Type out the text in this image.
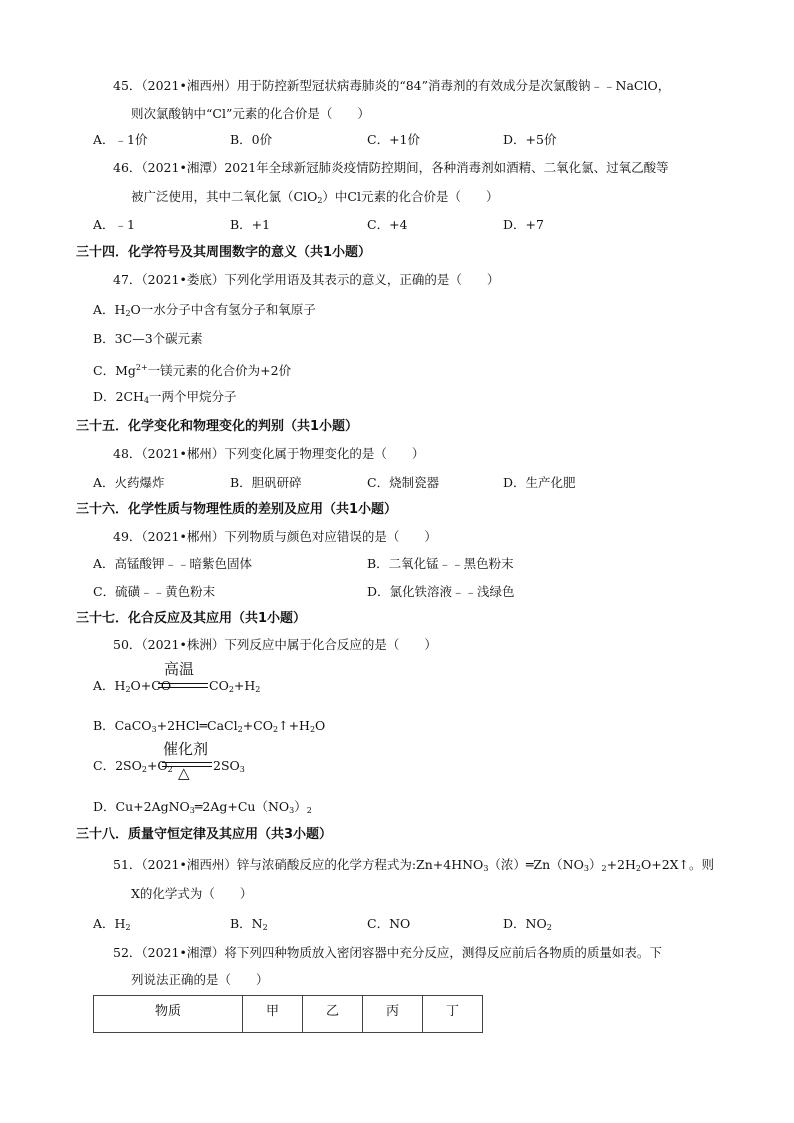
45．（2021•湘西州）用于防控新型冠状病毒肺炎的“84”消毒剂的有效成分是次氯酸钠﹣﹣NaClO，
则次氯酸钠中“Cl”元素的化合价是（　　）
A．﹣1价	B．0价	C．+1价	D．+5价
46．（2021•湘潭）2021年全球新冠肺炎疫情防控期间，各种消毒剂如酒精、二氧化氯、过氧乙酸等
被广泛使用，其中二氧化氯（ClO$_2$）中Cl元素的化合价是（　　）
A．﹣1	B．+1	C．+4	D．+7
三十四．化学符号及其周围数字的意义（共1小题）
47．（2021•娄底）下列化学用语及其表示的意义，正确的是（　　）
A．$H_2O$一水分子中含有氢分子和氧原子
B．3C—3个碳元素
C．$Mg^{2+}$一镁元素的化合价为+2价
D．$2CH_4$一两个甲烷分子
三十五．化学变化和物理变化的判别（共1小题）
48．（2021•郴州）下列变化属于物理变化的是（　　）
A．火药爆炸	B．胆矾研碎	C．烧制瓷器	D．生产化肥
三十六．化学性质与物理性质的差别及应用（共1小题）
49．（2021•郴州）下列物质与颜色对应错误的是（　　）
A．高锰酸钾﹣﹣暗紫色固体	B．二氧化锰﹣﹣黑色粉末
C．硫磺﹣﹣黄色粉末	D．氯化铁溶液﹣﹣浅绿色
三十七．化合反应及其应用（共1小题）
50．（2021•株洲）下列反应中属于化合反应的是（　　）
A．$H_2O+CO$
高温
$CO_2+H_2$
B．$CaCO_3+2HCl═CaCl_2+CO_2↑+H_2O$
C．$2SO_2+O_2$
催化剂
△ $2SO_3$
D．$Cu+2AgNO_3═2Ag+Cu(NO_3)_2$
三十八．质量守恒定律及其应用（共3小题）
51．（2021•湘西州）锌与浓硝酸反应的化学方程式为$:Zn+4HNO_3$（浓）$═Zn(NO_3)_2+2H_2O+2X↑$。则
X的化学式为（　　）
A．$H_2$	B．$N_2$	C．NO	D．$NO_2$
52．（2021•湘潭）将下列四种物质放入密闭容器中充分反应，测得反应前后各物质的质量如表。下
列说法正确的是（　　）
物质	甲	乙	丙	丁
